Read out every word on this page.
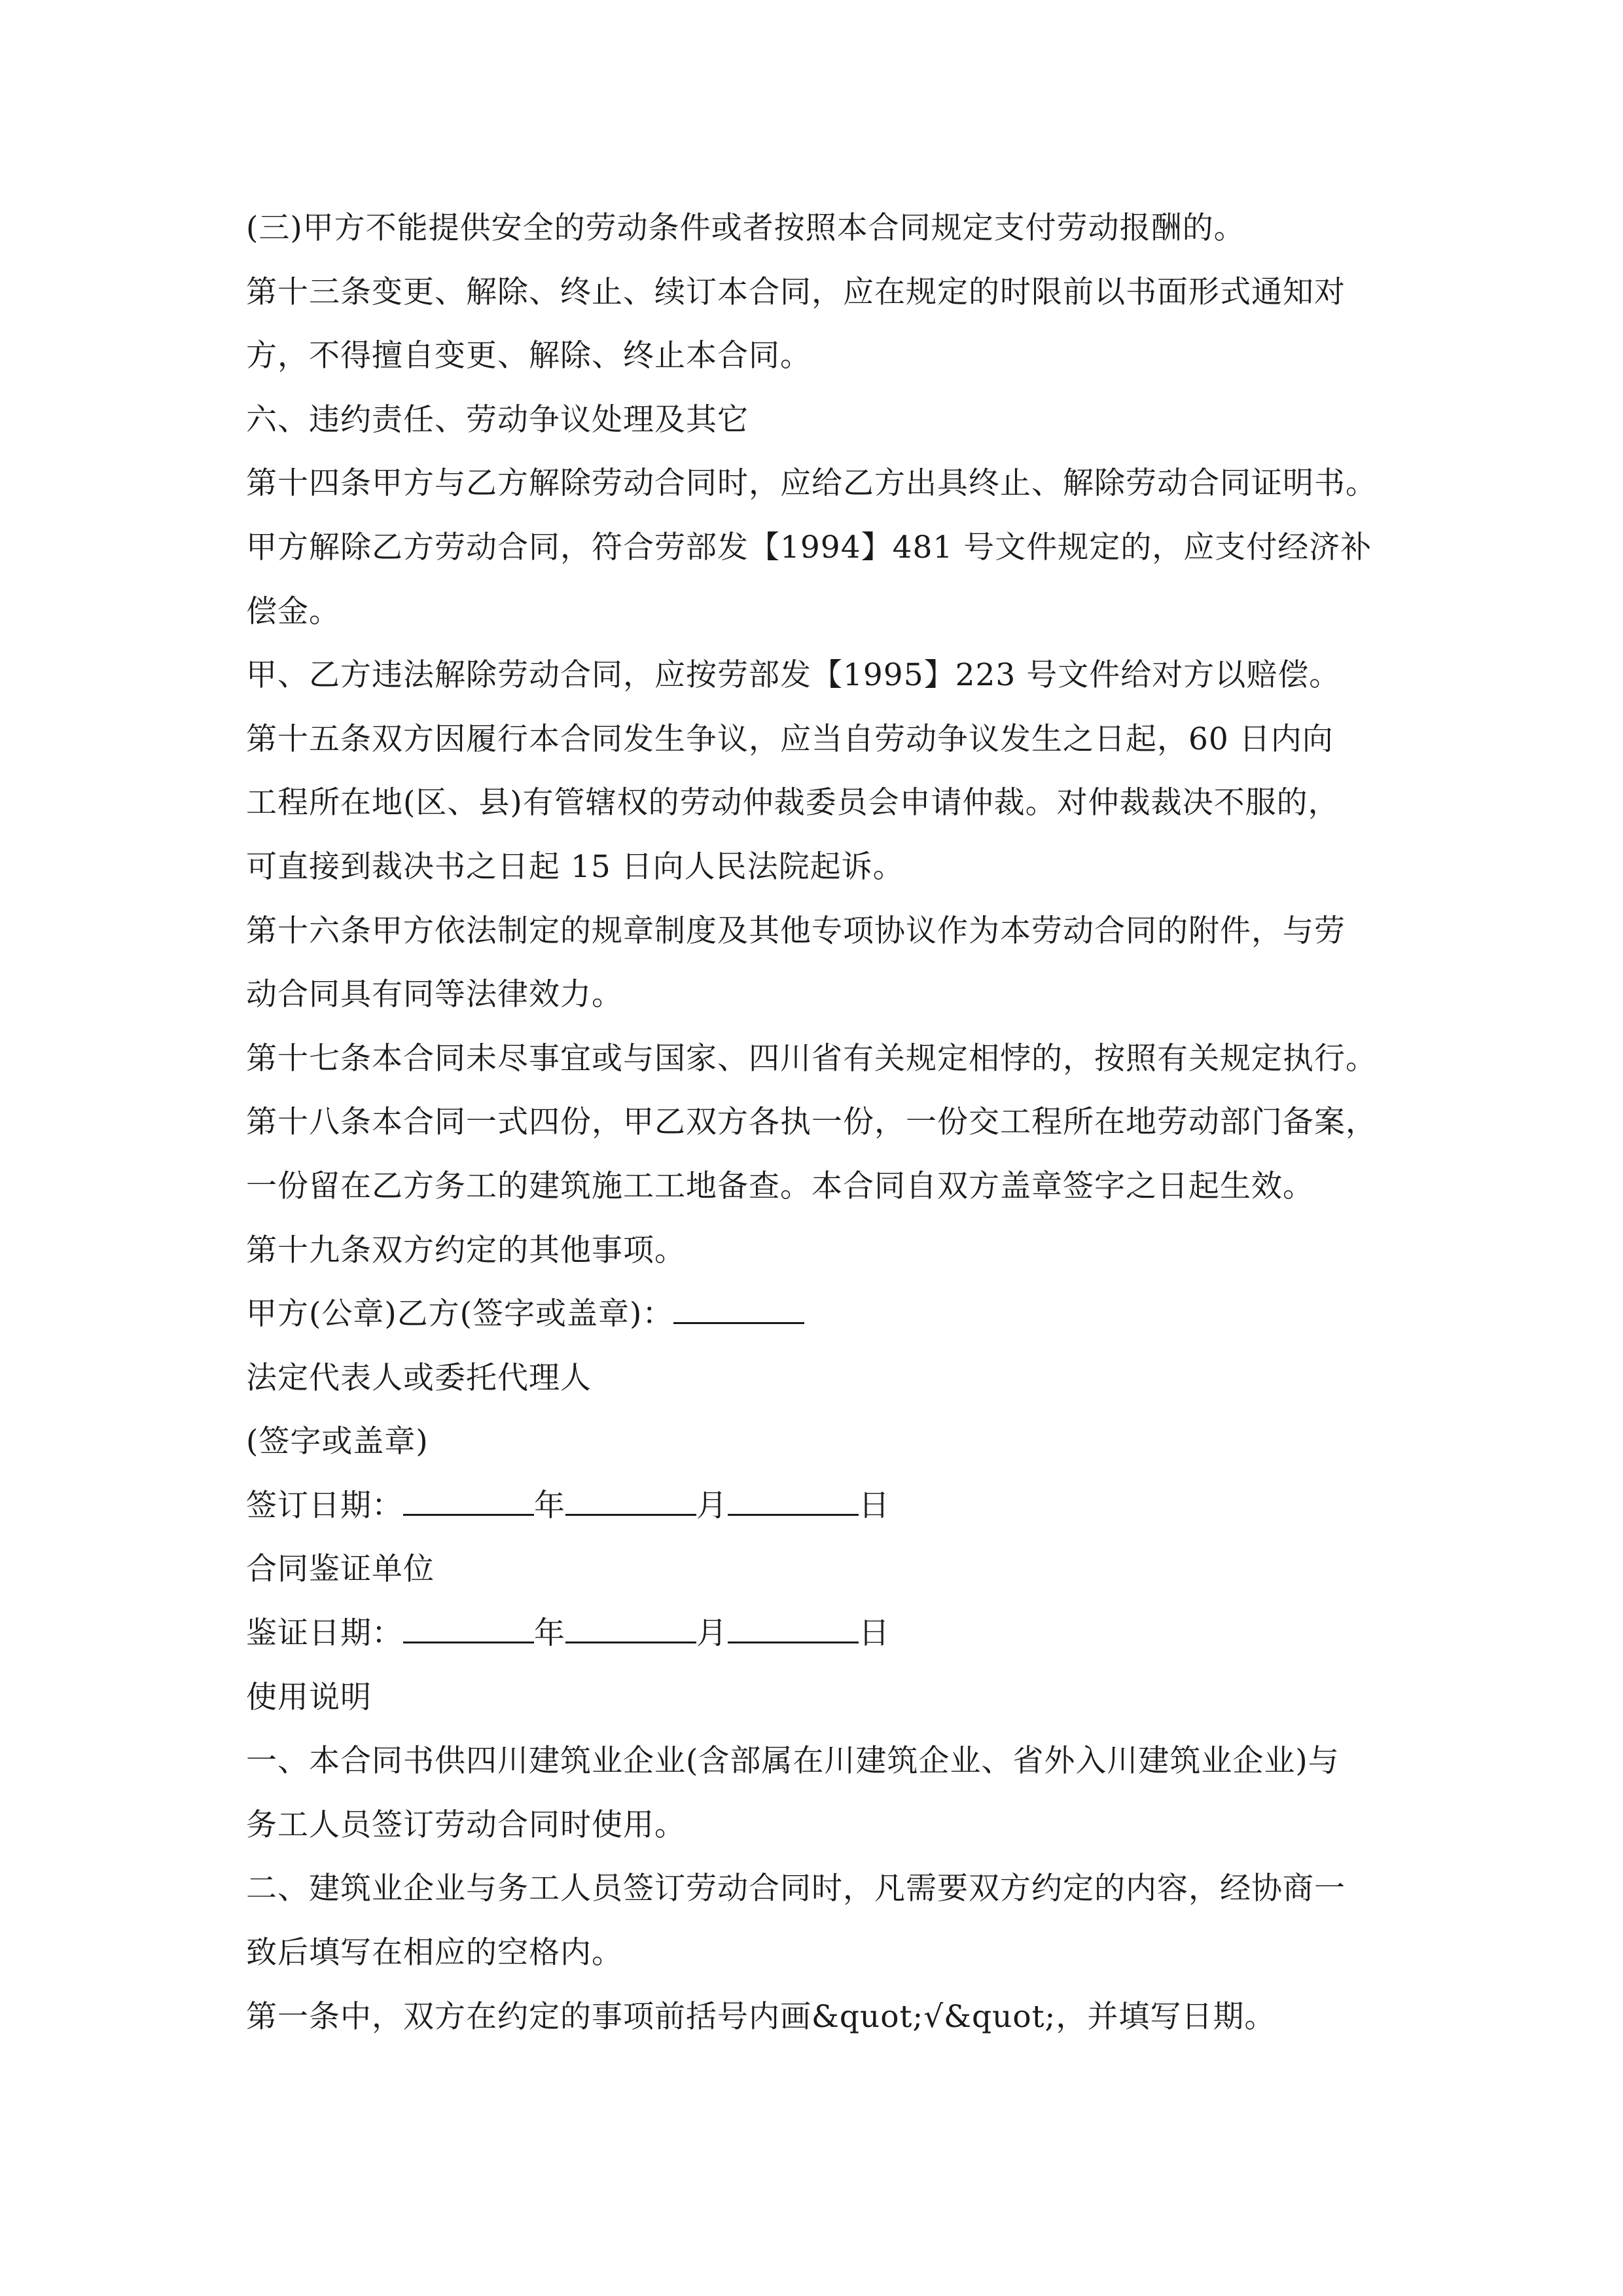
(三)甲方不能提供安全的劳动条件或者按照本合同规定支付劳动报酬的。
第十三条变更、解除、终止、续订本合同，应在规定的时限前以书面形式通知对
方，不得擅自变更、解除、终止本合同。
六、违约责任、劳动争议处理及其它
第十四条甲方与乙方解除劳动合同时，应给乙方出具终止、解除劳动合同证明书。
甲方解除乙方劳动合同，符合劳部发【1994】481 号文件规定的，应支付经济补
偿金。
甲、乙方违法解除劳动合同，应按劳部发【1995】223 号文件给对方以赔偿。
第十五条双方因履行本合同发生争议，应当自劳动争议发生之日起，60 日内向
工程所在地(区、县)有管辖权的劳动仲裁委员会申请仲裁。对仲裁裁决不服的，
可直接到裁决书之日起 15 日向人民法院起诉。
第十六条甲方依法制定的规章制度及其他专项协议作为本劳动合同的附件，与劳
动合同具有同等法律效力。
第十七条本合同未尽事宜或与国家、四川省有关规定相悖的，按照有关规定执行。
第十八条本合同一式四份，甲乙双方各执一份，一份交工程所在地劳动部门备案，
一份留在乙方务工的建筑施工工地备查。本合同自双方盖章签字之日起生效。
第十九条双方约定的其他事项。
甲方(公章)乙方(签字或盖章)：
法定代表人或委托代理人
(签字或盖章)
签订日期：	年	月	日
合同鉴证单位
鉴证日期：	年	月	日
使用说明
一、本合同书供四川建筑业企业(含部属在川建筑企业、省外入川建筑业企业)与
务工人员签订劳动合同时使用。
二、建筑业企业与务工人员签订劳动合同时，凡需要双方约定的内容，经协商一
致后填写在相应的空格内。
第一条中，双方在约定的事项前括号内画&quot;√&quot;，并填写日期。
